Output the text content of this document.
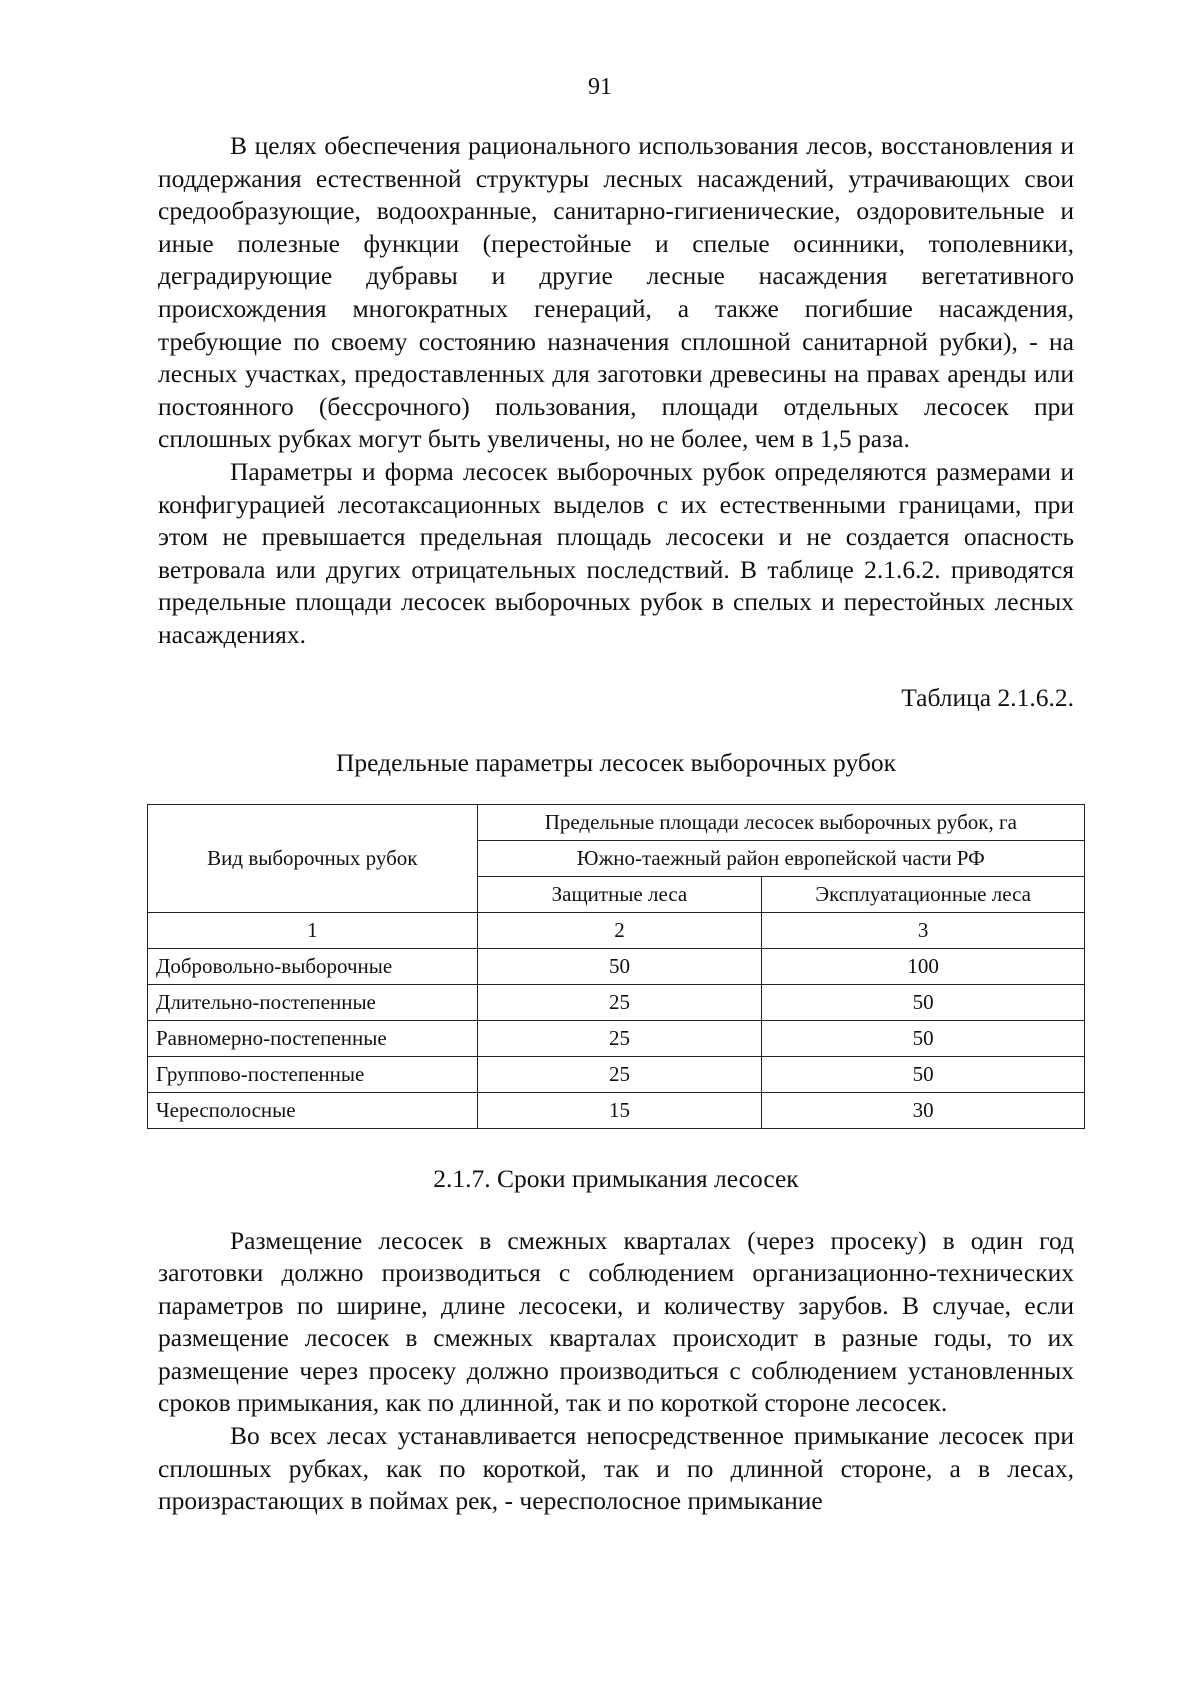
91

В целях обеспечения рационального использования лесов, восстановления и поддержания естественной структуры лесных насаждений, утрачивающих свои средообразующие, водоохранные, санитарно-гигиенические, оздоровительные и иные полезные функции (перестойные и спелые осинники, тополевники, деградирующие дубравы и другие лесные насаждения вегетативного происхождения многократных генераций, а также погибшие насаждения, требующие по своему состоянию назначения сплошной санитарной рубки), - на лесных участках, предоставленных для заготовки древесины на правах аренды или постоянного (бессрочного) пользования, площади отдельных лесосек при сплошных рубках могут быть увеличены, но не более, чем в 1,5 раза.

Параметры и форма лесосек выборочных рубок определяются размерами и конфигурацией лесотаксационных выделов с их естественными границами, при этом не превышается предельная площадь лесосеки и не создается опасность ветровала или других отрицательных последствий. В таблице 2.1.6.2. приводятся предельные площади лесосек выборочных рубок в спелых и перестойных лесных насаждениях.

Таблица 2.1.6.2.
Предельные параметры лесосек выборочных рубок
Вид выборочных рубок	Предельные площади лесосек выборочных рубок, га	
	Южно-таежный район европейской части РФ	
	Защитные леса	Эксплуатационные леса
1	2	3
Добровольно-выборочные	50	100
Длительно-постепенные	25	50
Равномерно-постепенные	25	50
Группово-постепенные	25	50
Чересполосные	15	30
2.1.7. Сроки примыкания лесосек

Размещение лесосек в смежных кварталах (через просеку) в один год заготовки должно производиться с соблюдением организационно-технических параметров по ширине, длине лесосеки, и количеству зарубов. В случае, если размещение лесосек в смежных кварталах происходит в разные годы, то их размещение через просеку должно производиться с соблюдением установленных сроков примыкания, как по длинной, так и по короткой стороне лесосек.

Во всех лесах устанавливается непосредственное примыкание лесосек при сплошных рубках, как по короткой, так и по длинной стороне, а в лесах, произрастающих в поймах рек, - чересполосное примыкание
